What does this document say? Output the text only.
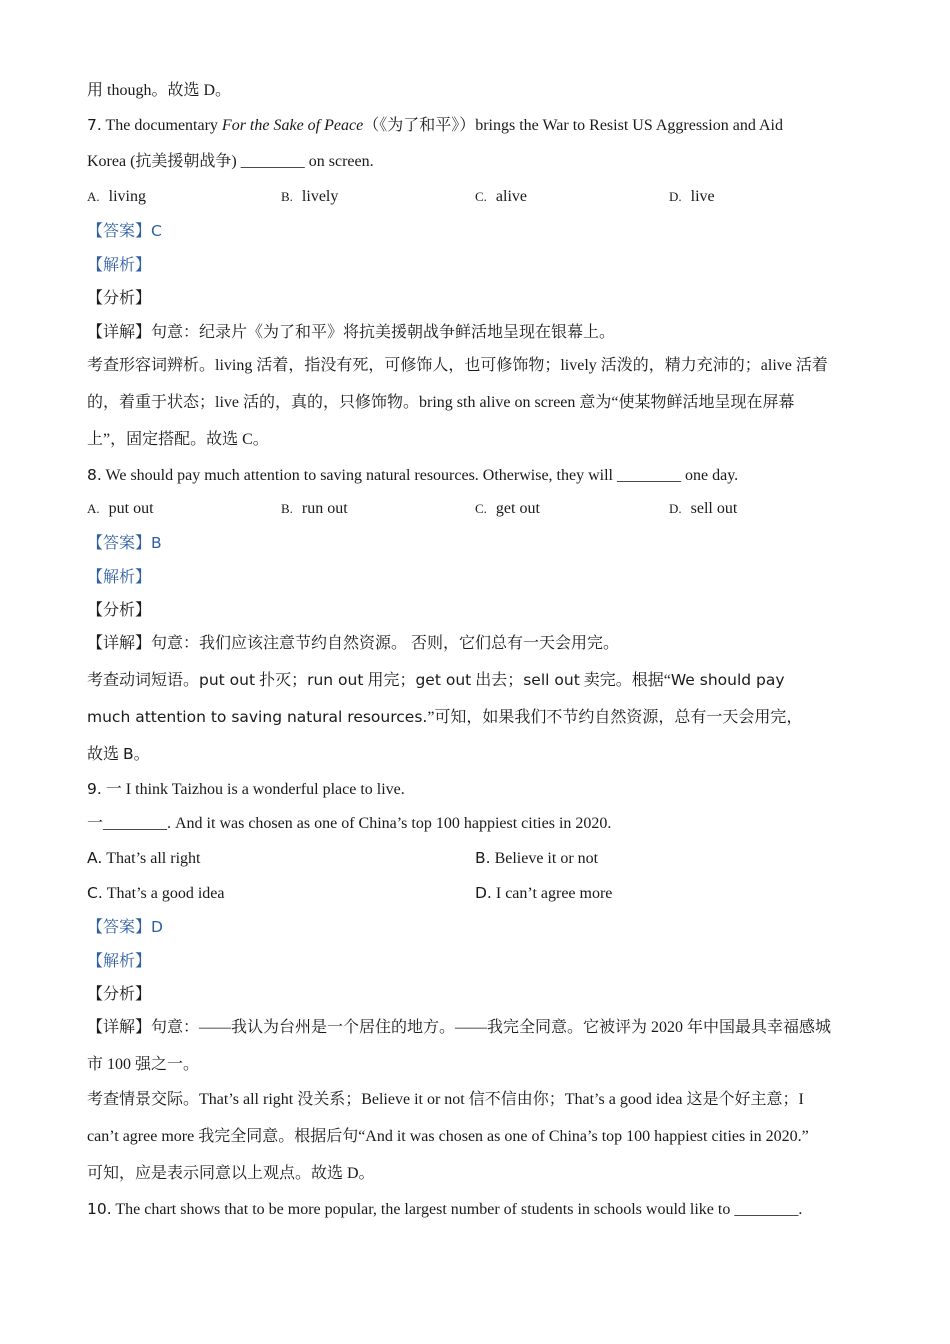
用 though。故选 D。
7. The documentary For the Sake of Peace（《为了和平》）brings the War to Resist US Aggression and Aid
Korea (抗美援朝战争) ________ on screen.
A. living	B. lively	C. alive	D. live
【答案】C
【解析】
【分析】
【详解】句意：纪录片《为了和平》将抗美援朝战争鲜活地呈现在银幕上。
考查形容词辨析。living 活着，指没有死，可修饰人，也可修饰物；lively 活泼的，精力充沛的；alive 活着
的，着重于状态；live 活的，真的，只修饰物。bring sth alive on screen 意为“使某物鲜活地呈现在屏幕
上”，固定搭配。故选 C。
8. We should pay much attention to saving natural resources. Otherwise, they will ________ one day.
A. put out	B. run out	C. get out	D. sell out
【答案】B
【解析】
【分析】
【详解】句意：我们应该注意节约自然资源。 否则，它们总有一天会用完。
考查动词短语。put out 扑灭；run out 用完；get out 出去；sell out 卖完。根据“We should pay
much attention to saving natural resources.”可知，如果我们不节约自然资源，总有一天会用完，
故选 B。
9. 一 I think Taizhou is a wonderful place to live.
一________. And it was chosen as one of China’s top 100 happiest cities in 2020.
A. That’s all right	B. Believe it or not
C. That’s a good idea	D. I can’t agree more
【答案】D
【解析】
【分析】
【详解】句意：——我认为台州是一个居住的地方。——我完全同意。它被评为 2020 年中国最具幸福感城
市 100 强之一。
考查情景交际。That’s all right 没关系；Believe it or not 信不信由你；That’s a good idea 这是个好主意；I
can’t agree more 我完全同意。根据后句“And it was chosen as one of China’s top 100 happiest cities in 2020.”
可知，应是表示同意以上观点。故选 D。
10. The chart shows that to be more popular, the largest number of students in schools would like to ________.
